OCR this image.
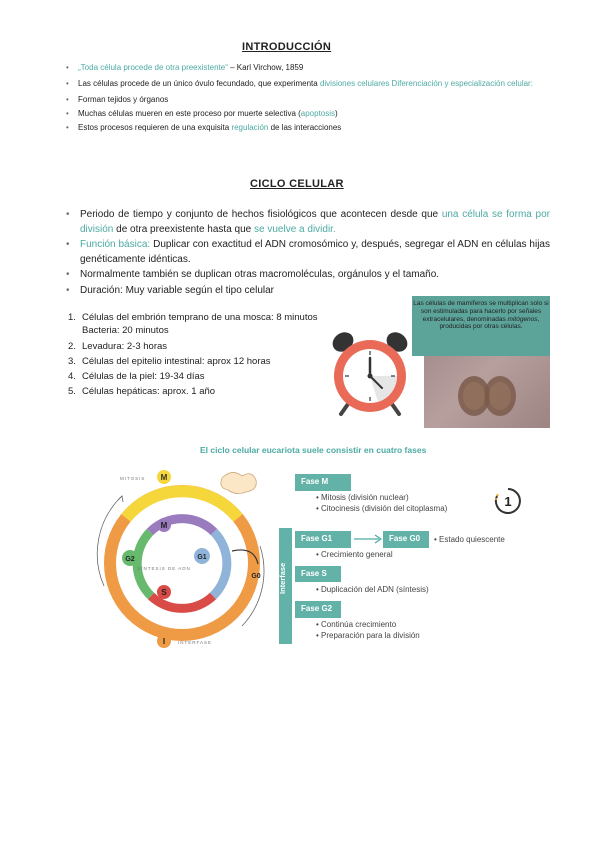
INTRODUCCIÓN
• „Toda célula procede de otra preexistente“ – Karl Virchow, 1859
• Las células procede de un único óvulo fecundado, que experimenta divisiones celulares Diferenciación y especialización celular:
• Forman tejidos y órganos
• Muchas células mueren en este proceso por muerte selectiva (apoptosis)
• Estos procesos requieren de una exquisita regulación de las interacciones
CICLO CELULAR
• Periodo de tiempo y conjunto de hechos fisiológicos que acontecen desde que una célula se forma por división de otra preexistente hasta que se vuelve a dividir.
• Función básica: Duplicar con exactitud el ADN cromosómico y, después, segregar el ADN en células hijas genéticamente idénticas.
• Normalmente también se duplican otras macromoléculas, orgánulos y el tamaño.
• Duración: Muy variable según el tipo celular
1. Células del embrión temprano de una mosca: 8 minutos Bacteria: 20 minutos
2. Levadura: 2-3 horas
3. Células del epitelio intestinal: aprox 12 horas
4. Células de la piel: 19-34 días
5. Células hepáticas: aprox. 1 año
Las células de mamíferos se multiplican solo si son estimuladas para hacerlo por señales extracelulares, denominadas mitógenos, producidas por otras células.
El ciclo celular eucariota suele consistir en cuatro fases
M
M
G2	G1
S
I
G0
MITOSIS
INTERFASE
SÍNTESIS DE ADN
Fase M
• Mitosis (división nuclear)
• Citocinesis (división del citoplasma)	1
Interfase
Fase G1	Fase G0
•	Estado quiescente
• Crecimiento general
Fase S
• Duplicación del ADN (síntesis)
Fase G2
• Continúa crecimiento
• Preparación para la división
